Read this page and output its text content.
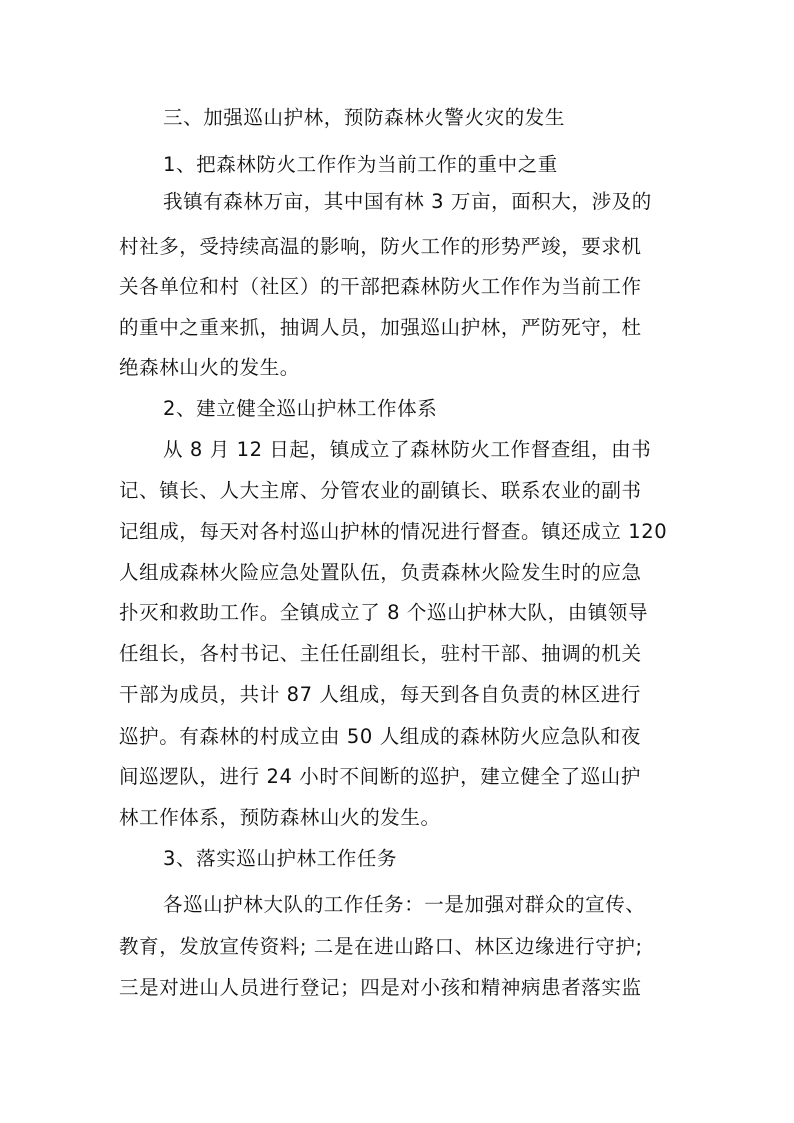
三、加强巡山护林，预防森林火警火灾的发生
1、把森林防火工作作为当前工作的重中之重
我镇有森林万亩，其中国有林 3 万亩，面积大，涉及的
村社多，受持续高温的影响，防火工作的形势严竣，要求机
关各单位和村（社区）的干部把森林防火工作作为当前工作
的重中之重来抓，抽调人员，加强巡山护林，严防死守，杜
绝森林山火的发生。
2、建立健全巡山护林工作体系
从 8 月 12 日起，镇成立了森林防火工作督查组，由书
记、镇长、人大主席、分管农业的副镇长、联系农业的副书
记组成，每天对各村巡山护林的情况进行督查。镇还成立 120
人组成森林火险应急处置队伍，负责森林火险发生时的应急
扑灭和救助工作。全镇成立了 8 个巡山护林大队，由镇领导
任组长，各村书记、主任任副组长，驻村干部、抽调的机关
干部为成员，共计 87 人组成，每天到各自负责的林区进行
巡护。有森林的村成立由 50 人组成的森林防火应急队和夜
间巡逻队，进行 24 小时不间断的巡护，建立健全了巡山护
林工作体系，预防森林山火的发生。
3、落实巡山护林工作任务
各巡山护林大队的工作任务：一是加强对群众的宣传、
教育，发放宣传资料; 二是在进山路口、林区边缘进行守护;
三是对进山人员进行登记；四是对小孩和精神病患者落实监
